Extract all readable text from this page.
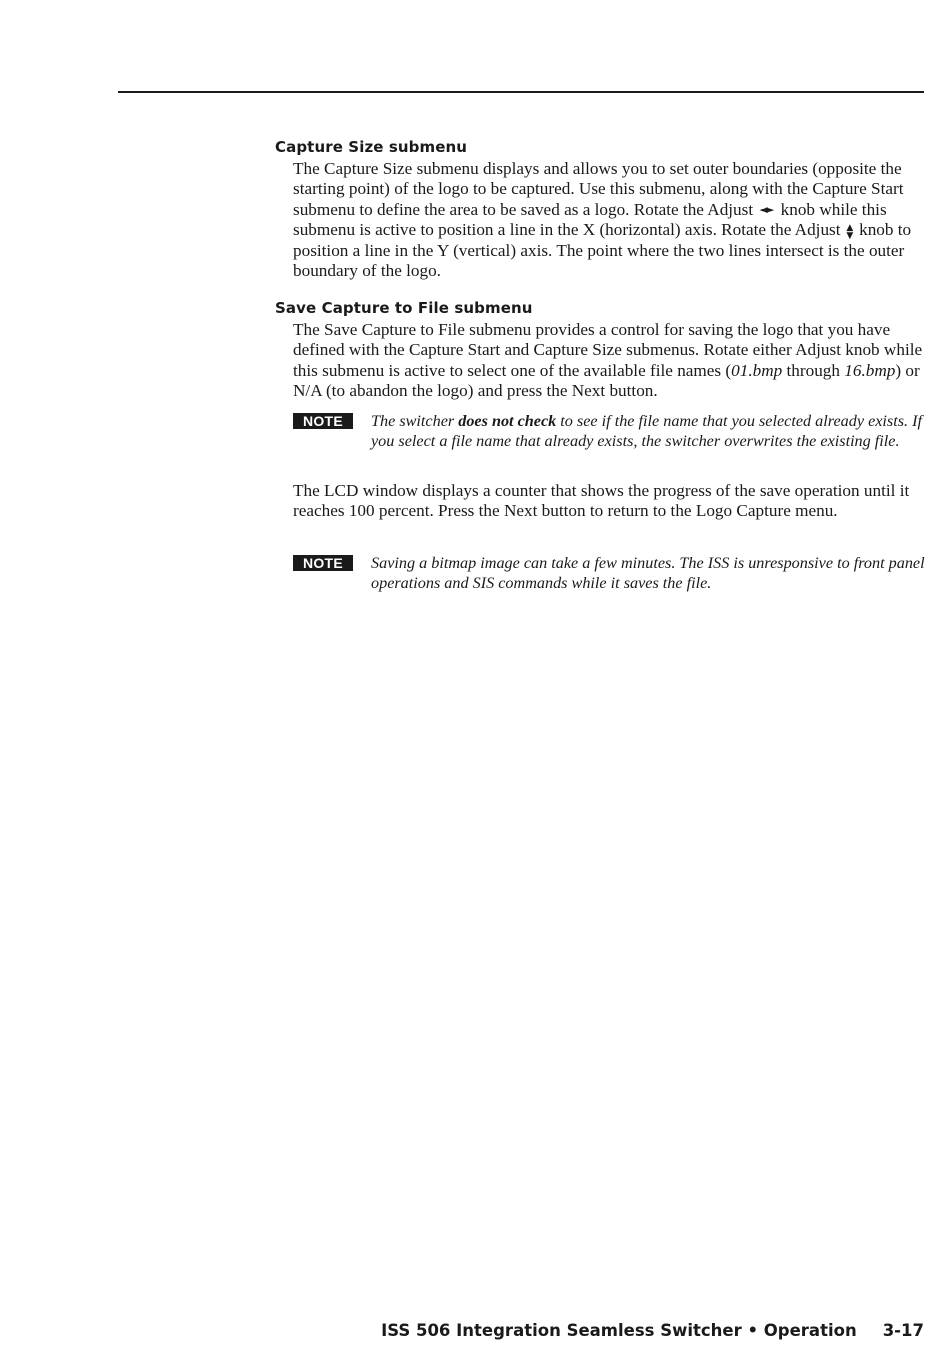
Capture Size submenu

The Capture Size submenu displays and allows you to set outer boundaries (opposite the starting point) of the logo to be captured. Use this submenu, along with the Capture Start submenu to define the area to be saved as a logo. Rotate the Adjust ◄► knob while this submenu is active to position a line in the X (horizontal) axis. Rotate the Adjust ▲
▼ knob to position a line in the Y (vertical) axis. The point where the two lines intersect is the outer boundary of the logo.

Save Capture to File submenu

The Save Capture to File submenu provides a control for saving the logo that you have defined with the Capture Start and Capture Size submenus. Rotate either Adjust knob while this submenu is active to select one of the available file names (01.bmp through 16.bmp) or N/A (to abandon the logo) and press the Next button.

NOTE	The switcher does not check to see if the file name that you selected already exists. If you select a file name that already exists, the switcher overwrites the existing file.

The LCD window displays a counter that shows the progress of the save operation until it reaches 100 percent. Press the Next button to return to the Logo Capture menu.

NOTE	Saving a bitmap image can take a few minutes. The ISS is unresponsive to front panel operations and SIS commands while it saves the file.
ISS 506 Integration Seamless Switcher • Operation 3-17
